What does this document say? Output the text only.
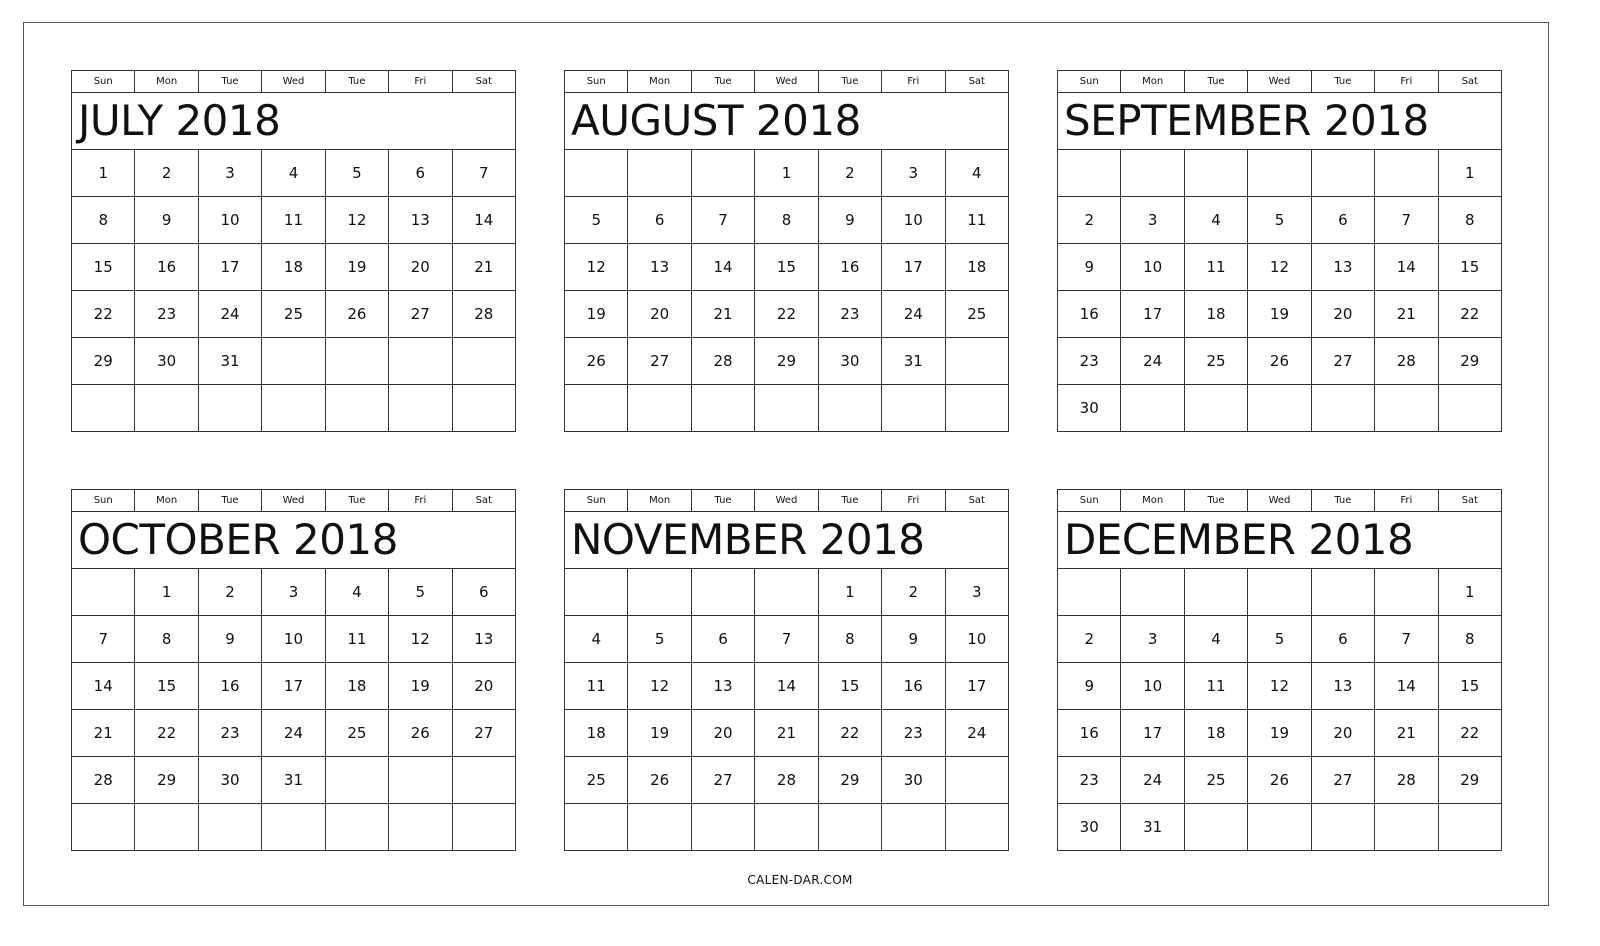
Sun	Mon	Tue	Wed	Tue	Fri	Sat
JULY 2018						
1	2	3	4	5	6	7
8	9	10	11	12	13	14
15	16	17	18	19	20	21
22	23	24	25	26	27	28
29	30	31				

Sun	Mon	Tue	Wed	Tue	Fri	Sat
AUGUST 2018						
			1	2	3	4
5	6	7	8	9	10	11
12	13	14	15	16	17	18
19	20	21	22	23	24	25
26	27	28	29	30	31	

Sun	Mon	Tue	Wed	Tue	Fri	Sat
SEPTEMBER 2018						
						1
2	3	4	5	6	7	8
9	10	11	12	13	14	15
16	17	18	19	20	21	22
23	24	25	26	27	28	29
30						
Sun	Mon	Tue	Wed	Tue	Fri	Sat
OCTOBER 2018						
	1	2	3	4	5	6
7	8	9	10	11	12	13
14	15	16	17	18	19	20
21	22	23	24	25	26	27
28	29	30	31			

Sun	Mon	Tue	Wed	Tue	Fri	Sat
NOVEMBER 2018						
				1	2	3
4	5	6	7	8	9	10
11	12	13	14	15	16	17
18	19	20	21	22	23	24
25	26	27	28	29	30	

Sun	Mon	Tue	Wed	Tue	Fri	Sat
DECEMBER 2018						
						1
2	3	4	5	6	7	8
9	10	11	12	13	14	15
16	17	18	19	20	21	22
23	24	25	26	27	28	29
30	31					
CALEN-DAR.COM
